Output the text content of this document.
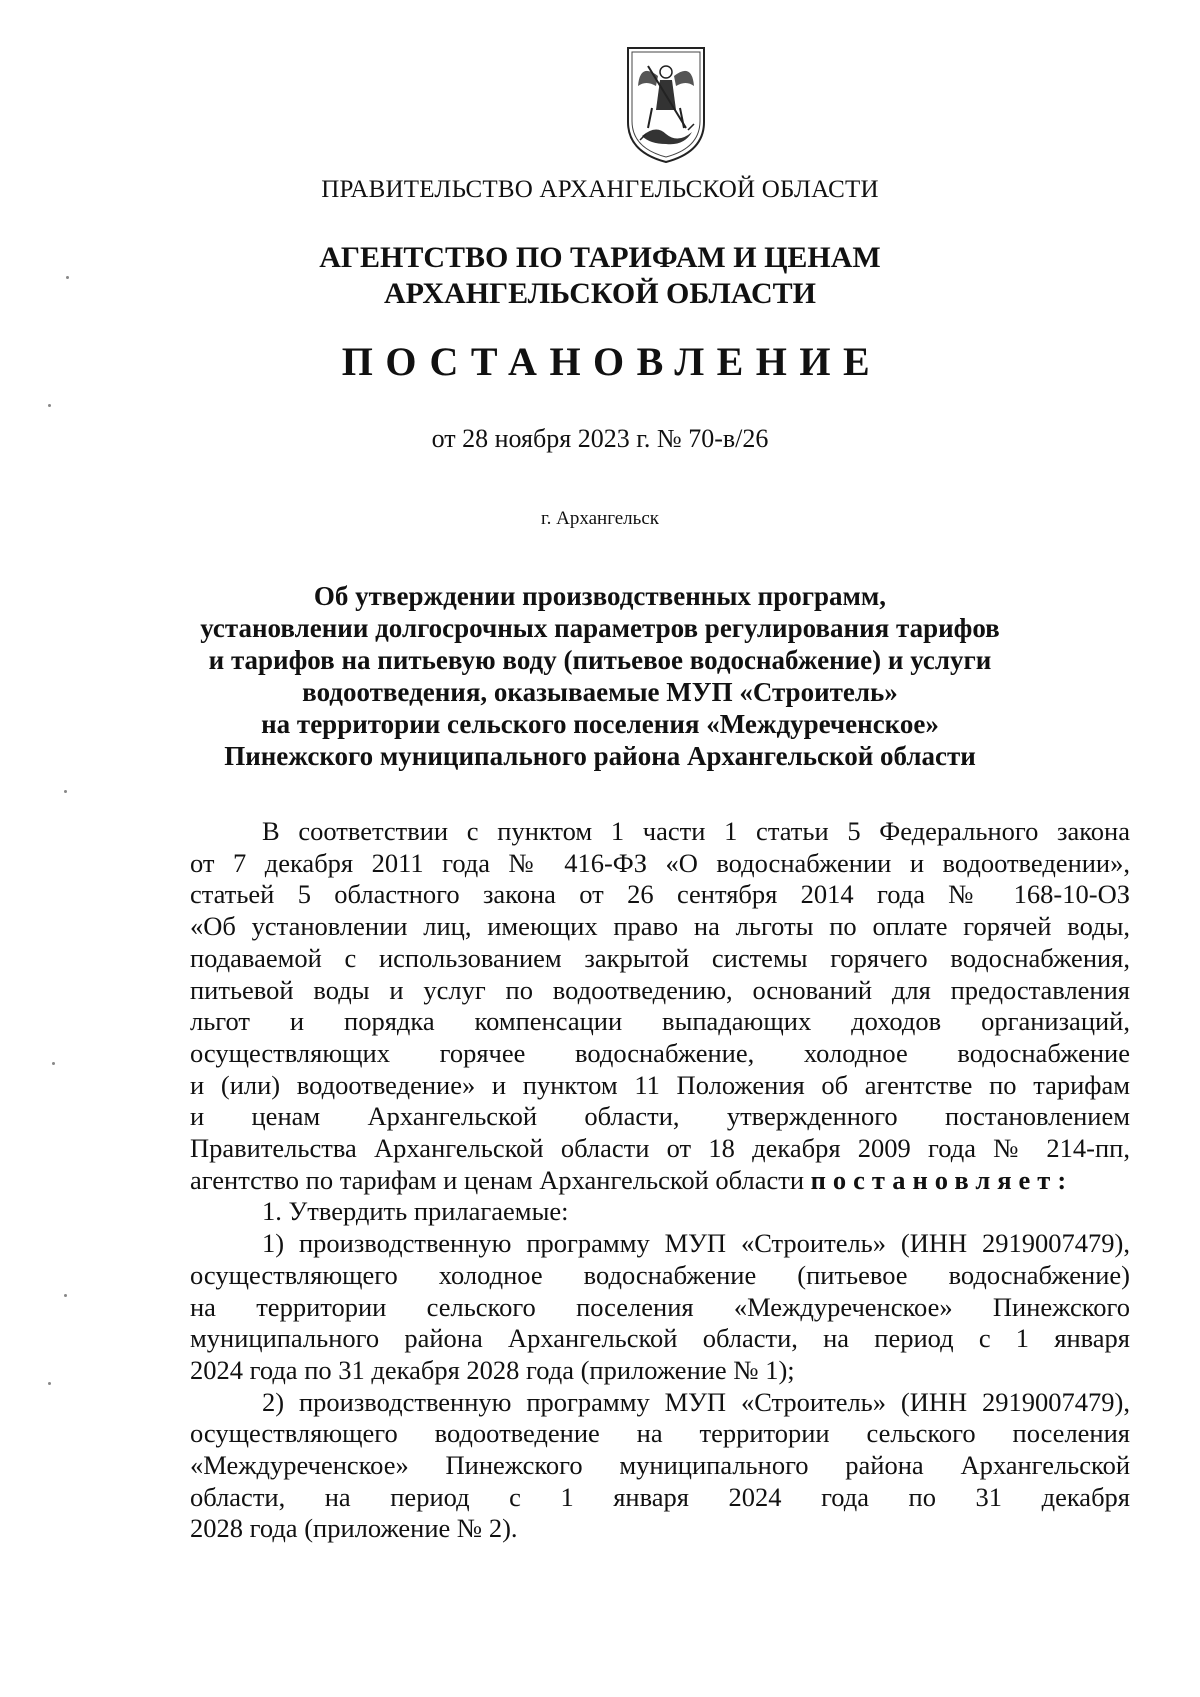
ПРАВИТЕЛЬСТВО АРХАНГЕЛЬСКОЙ ОБЛАСТИ
АГЕНТСТВО ПО ТАРИФАМ И ЦЕНАМ
АРХАНГЕЛЬСКОЙ ОБЛАСТИ
ПОСТАНОВЛЕНИЕ
от 28 ноября 2023 г. № 70-в/26
г. Архангельск
Об утверждении производственных программ,
установлении долгосрочных параметров регулирования тарифов
и тарифов на питьевую воду (питьевое водоснабжение) и услуги
водоотведения, оказываемые МУП «Строитель»
на территории сельского поселения «Междуреченское»
Пинежского муниципального района Архангельской области

В соответствии с пунктом 1 части 1 статьи 5 Федерального закона

от 7 декабря 2011 года № 416-ФЗ «О водоснабжении и водоотведении»,

статьей 5 областного закона от 26 сентября 2014 года № 168-10-ОЗ

«Об установлении лиц, имеющих право на льготы по оплате горячей воды,

подаваемой с использованием закрытой системы горячего водоснабжения,

питьевой воды и услуг по водоотведению, оснований для предоставления

льгот и порядка компенсации выпадающих доходов организаций,

осуществляющих горячее водоснабжение, холодное водоснабжение

и (или) водоотведение» и пунктом 11 Положения об агентстве по тарифам

и ценам Архангельской области, утвержденного постановлением

Правительства Архангельской области от 18 декабря 2009 года № 214-пп,

агентство по тарифам и ценам Архангельской области постановляет:

1. Утвердить прилагаемые:

1) производственную программу МУП «Строитель» (ИНН 2919007479),

осуществляющего холодное водоснабжение (питьевое водоснабжение)

на территории сельского поселения «Междуреченское» Пинежского

муниципального района Архангельской области, на период с 1 января

2024 года по 31 декабря 2028 года (приложение № 1);

2) производственную программу МУП «Строитель» (ИНН 2919007479),

осуществляющего водоотведение на территории сельского поселения

«Междуреченское» Пинежского муниципального района Архангельской

области, на период с 1 января 2024 года по 31 декабря

2028 года (приложение № 2).
